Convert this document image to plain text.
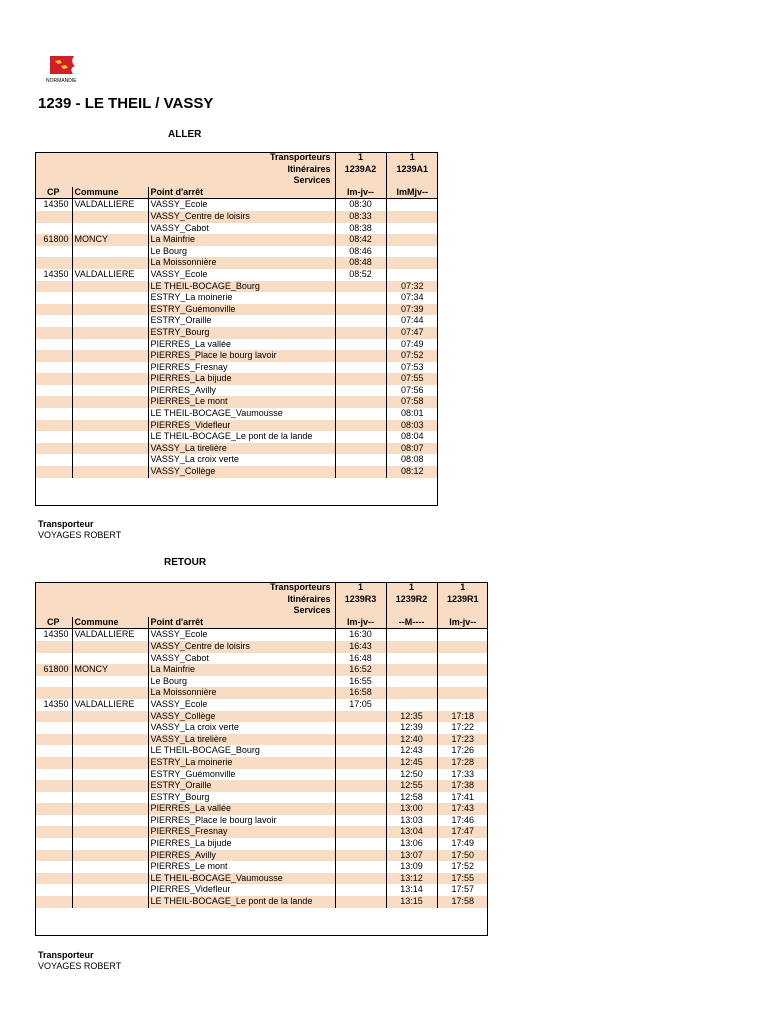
NORMANDIE
1239 - LE THEIL / VASSY
ALLER
Transporteurs			1	1
Itinéraires			1239A2	1239A1
Services				
CP	Commune	Point d'arrêt	lm-jv--	lmMjv--
14350	VALDALLIERE	VASSY_Ecole	08:30	
		VASSY_Centre de loisirs	08:33	
		VASSY_Cabot	08:38	
61800	MONCY	La Mainfrie	08:42	
		Le Bourg	08:46	
		La Moissonnière	08:48	
14350	VALDALLIERE	VASSY_Ecole	08:52	
		LE THEIL-BOCAGE_Bourg		07:32
		ESTRY_La moinerie		07:34
		ESTRY_Guémonville		07:39
		ESTRY_Oraille		07:44
		ESTRY_Bourg		07:47
		PIERRES_La vallée		07:49
		PIERRES_Place le bourg lavoir		07:52
		PIERRES_Fresnay		07:53
		PIERRES_La bijude		07:55
		PIERRES_Avilly		07:56
		PIERRES_Le mont		07:58
		LE THEIL-BOCAGE_Vaumousse		08:01
		PIERRES_Videfleur		08:03
		LE THEIL-BOCAGE_Le pont de la lande		08:04
		VASSY_La tirelière		08:07
		VASSY_La croix verte		08:08
		VASSY_Collège		08:12
Transporteur
VOYAGES ROBERT
RETOUR
Transporteurs			1	1	1
Itinéraires			1239R3	1239R2	1239R1
Services					
CP	Commune	Point d'arrêt	lm-jv--	--M----	lm-jv--
14350	VALDALLIERE	VASSY_Ecole	16:30		
		VASSY_Centre de loisirs	16:43		
		VASSY_Cabot	16:48		
61800	MONCY	La Mainfrie	16:52		
		Le Bourg	16:55		
		La Moissonnière	16:58		
14350	VALDALLIERE	VASSY_Ecole	17:05		
		VASSY_Collège		12:35	17:18
		VASSY_La croix verte		12:39	17:22
		VASSY_La tirelière		12:40	17:23
		LE THEIL-BOCAGE_Bourg		12:43	17:26
		ESTRY_La moinerie		12:45	17:28
		ESTRY_Guémonville		12:50	17:33
		ESTRY_Oraille		12:55	17:38
		ESTRY_Bourg		12:58	17:41
		PIERRES_La vallée		13:00	17:43
		PIERRES_Place le bourg lavoir		13:03	17:46
		PIERRES_Fresnay		13:04	17:47
		PIERRES_La bijude		13:06	17:49
		PIERRES_Avilly		13:07	17:50
		PIERRES_Le mont		13:09	17:52
		LE THEIL-BOCAGE_Vaumousse		13:12	17:55
		PIERRES_Videfleur		13:14	17:57
		LE THEIL-BOCAGE_Le pont de la lande		13:15	17:58
Transporteur
VOYAGES ROBERT
